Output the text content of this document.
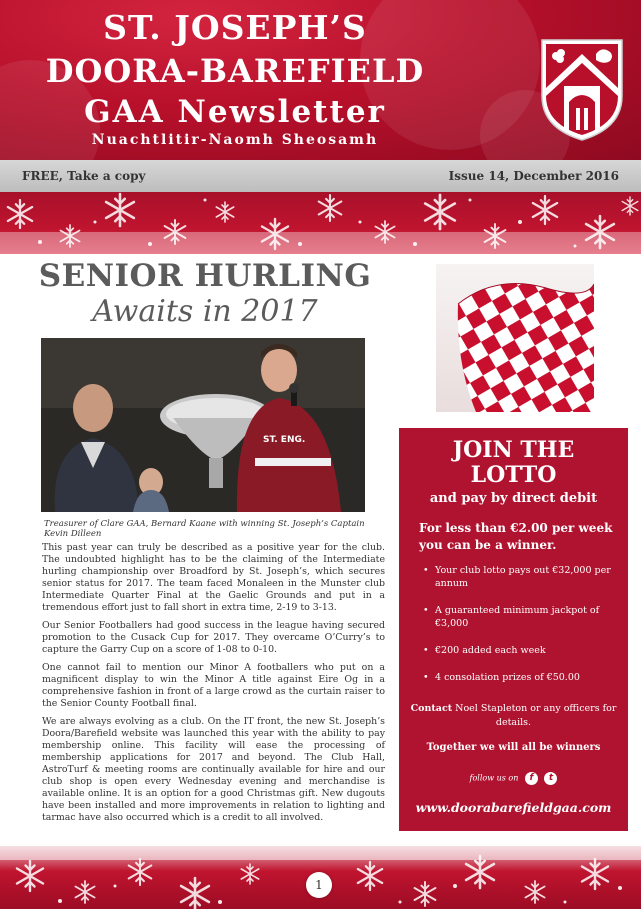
ST. JOSEPH’S
DOORA-BAREFIELD
GAA Newsletter
Nuachtlitir-Naomh Sheosamh
FREE, Take a copy	Issue 14, December 2016
SENIOR HURLING
Awaits in 2017
ST. ENG.
Treasurer of Clare GAA, Bernard Kaane with winning St. Joseph’s Captain Kevin Dilleen

This past year can truly be described as a positive year for the club. The undoubted highlight has to be the claiming of the Intermediate hurling championship over Broadford by St. Joseph’s, which secures senior status for 2017. The team faced Monaleen in the Munster club Intermediate Quarter Final at the Gaelic Grounds and put in a tremendous effort just to fall short in extra time, 2-19 to 3-13.

Our Senior Footballers had good success in the league having secured promotion to the Cusack Cup for 2017. They overcame O’Curry’s to capture the Garry Cup on a score of 1-08 to 0-10.

One cannot fail to mention our Minor A footballers who put on a magnificent display to win the Minor A title against Eire Og in a comprehensive fashion in front of a large crowd as the curtain raiser to the Senior County Football final.

We are always evolving as a club. On the IT front, the new St. Joseph’s Doora/Barefield website was launched this year with the ability to pay membership online. This facility will ease the processing of membership applications for 2017 and beyond. The Club Hall, AstroTurf & meeting rooms are continually available for hire and our club shop is open every Wednesday evening and merchandise is available online. It is an option for a good Christmas gift. New dugouts have been installed and more improvements in relation to lighting and tarmac have also occurred which is a credit to all involved.

JOIN THE LOTTO
and pay by direct debit
For less than €2.00 per week you can be a winner.
• Your club lotto pays out €32,000 per annum
• A guaranteed minimum jackpot of €3,000
• €200 added each week
• 4 consolation prizes of €50.00
Contact Noel Stapleton or any officers for details.
Together we will all be winners
follow us on f t
www.doorabarefieldgaa.com
1
